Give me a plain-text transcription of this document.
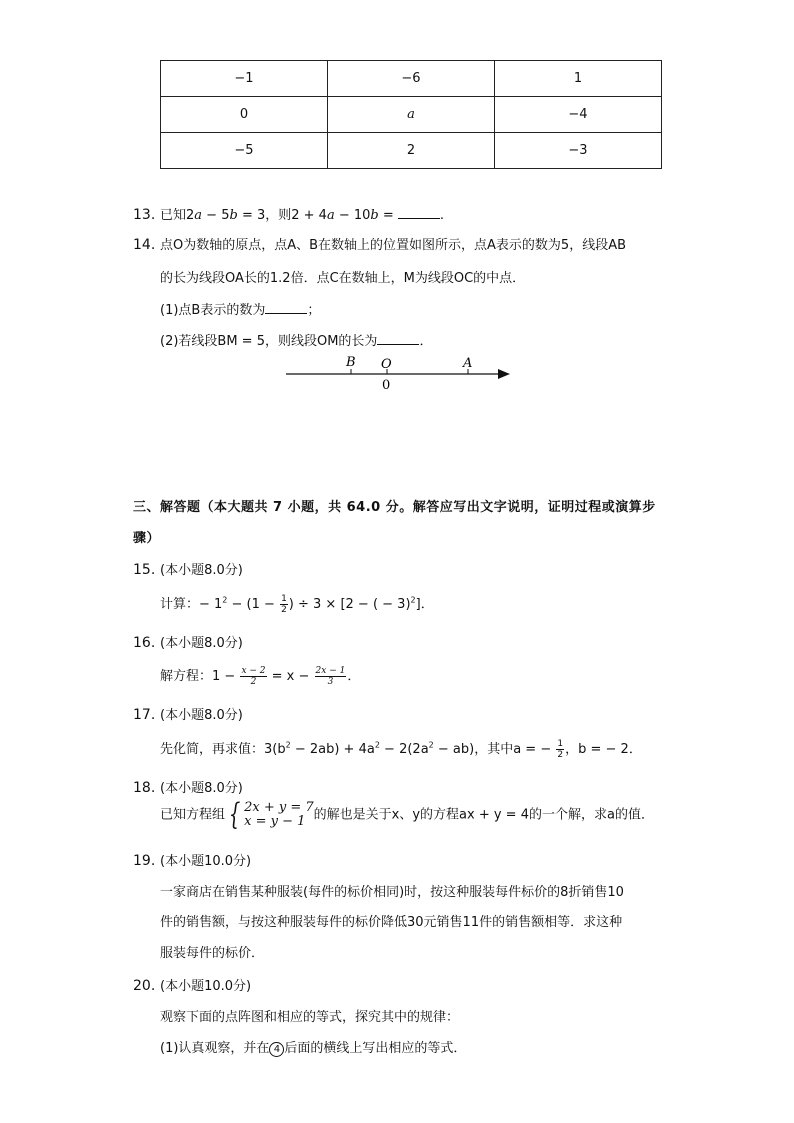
−1	−6	1
0	a	−4
−5	2	−3
13. 已知2a − 5b = 3，则2 + 4a − 10b =	.
14. 点O为数轴的原点，点A、B在数轴上的位置如图所示，点A表示的数为5，线段AB
的长为线段OA长的1.2倍．点C在数轴上，M为线段OC的中点．
(1)点B表示的数为	；
(2)若线段BM = 5，则线段OM的长为	．
B O	A
0
三、解答题（本大题共 7 小题，共 64.0 分。解答应写出文字说明，证明过程或演算步
骤）
15. (本小题8.0分)
计算：− $1^2 - (1 - \frac{1}{2}$ ) ÷ 3 × [2 − ( − 3)$^2$]．
16. (本小题8.0分)
解方程：$1 - \frac{x - 2}{2} = x - \frac{2x - 1}{3}$ ．
17. (本小题8.0分)
先化简，再求值：$3(b^2 - 2ab) + 4a^2 - 2(2a^2 - ab)$，其中a = − $\frac{1}{2}$ ，b = − 2．
18. (本小题8.0分)
已知方程组 { 2x + y = 7
x = y − 1 的解也是关于x、y的方程ax + y = 4的一个解，求a的值．
19. (本小题10.0分)
一家商店在销售某种服装(每件的标价相同)时，按这种服装每件标价的8折销售10
件的销售额，与按这种服装每件的标价降低30元销售11件的销售额相等．求这种
服装每件的标价．
20. (本小题10.0分)
观察下面的点阵图和相应的等式，探究其中的规律：
(1)认真观察，并在 4 后面的横线上写出相应的等式．
